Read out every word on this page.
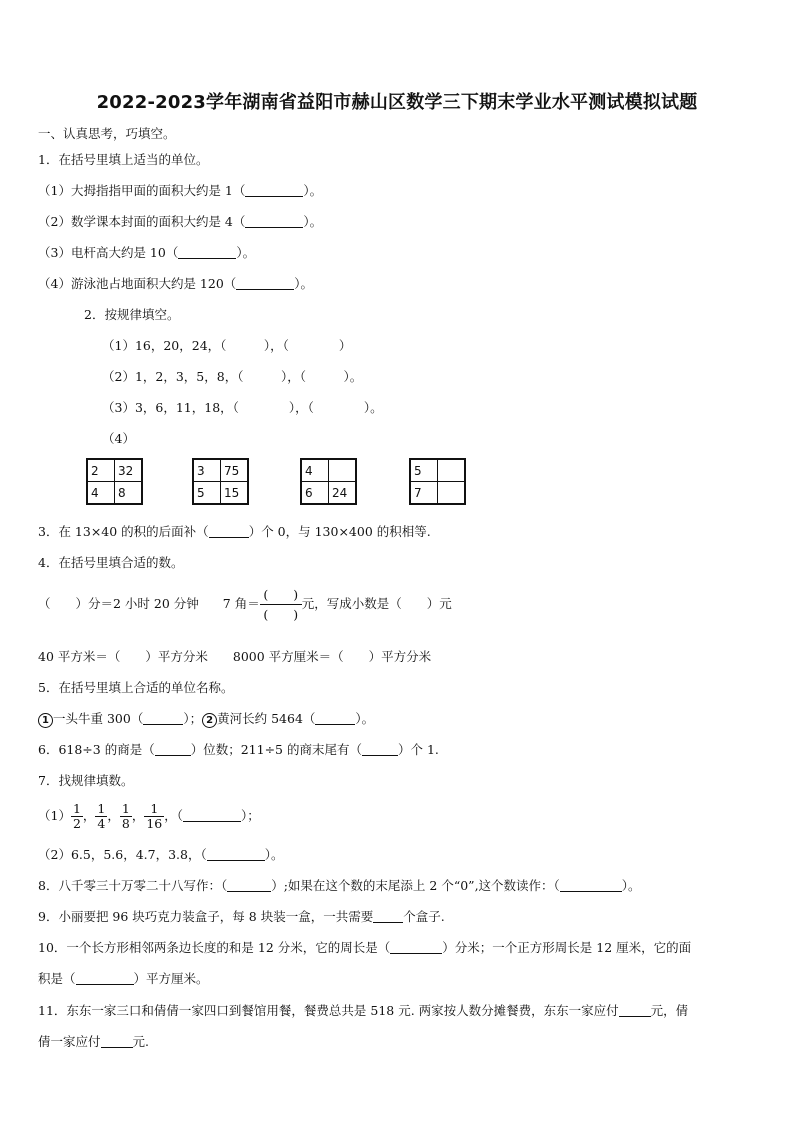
2022-2023学年湖南省益阳市赫山区数学三下期末学业水平测试模拟试题
一、认真思考，巧填空。
1．在括号里填上适当的单位。
（1）大拇指指甲面的面积大约是 1（	）。
（2）数学课本封面的面积大约是 4（	）。
（3）电杆高大约是 10（	）。
（4）游泳池占地面积大约是 120（	）。
2．按规律填空。
（1）16，20，24，（　　　），（　　　　）
（2）1，2，3，5，8，（　　　），（　　　）。
（3）3，6，11，18，（　　　　），（　　　　）。
（4）
2	32
4	8
3	75
5	15
4	
6	24
5	
7	
3．在 13×40 的积的后面补（	）个 0，与 130×400 的积相等.
4．在括号里填合适的数。
（　　）分＝2 小时 20 分钟 7 角＝
(　　)
(　　)
元，写成小数是（　　）元
40 平方米＝（　　）平方分米　　8000 平方厘米＝（　　）平方分米
5．在括号里填上合适的单位名称。
1 一头牛重 300（	）； 2 黄河长约 5464（	）。
6．618÷3 的商是（	）位数；211÷5 的商末尾有（	）个 1.
7．找规律填数。
$(1) \frac{1}{2}$ ， $\frac{1}{4}$ ， $\frac{1}{8}$ ， $\frac{1}{16}$ ，（	）；
（2）6.5，5.6，4.7，3.8，（	）。
8．八千零三十万零二十八写作：（	）;如果在这个数的末尾添上 2 个“0”,这个数读作：（	）。
9．小丽要把 96 块巧克力装盒子，每 8 块装一盒，一共需要 个盒子.
10．一个长方形相邻两条边长度的和是 12 分米，它的周长是（	）分米；一个正方形周长是 12 厘米，它的面
积是（	）平方厘米。
11．东东一家三口和倩倩一家四口到餐馆用餐，餐费总共是 518 元. 两家按人数分摊餐费，东东一家应付	元，倩
倩一家应付	元.
